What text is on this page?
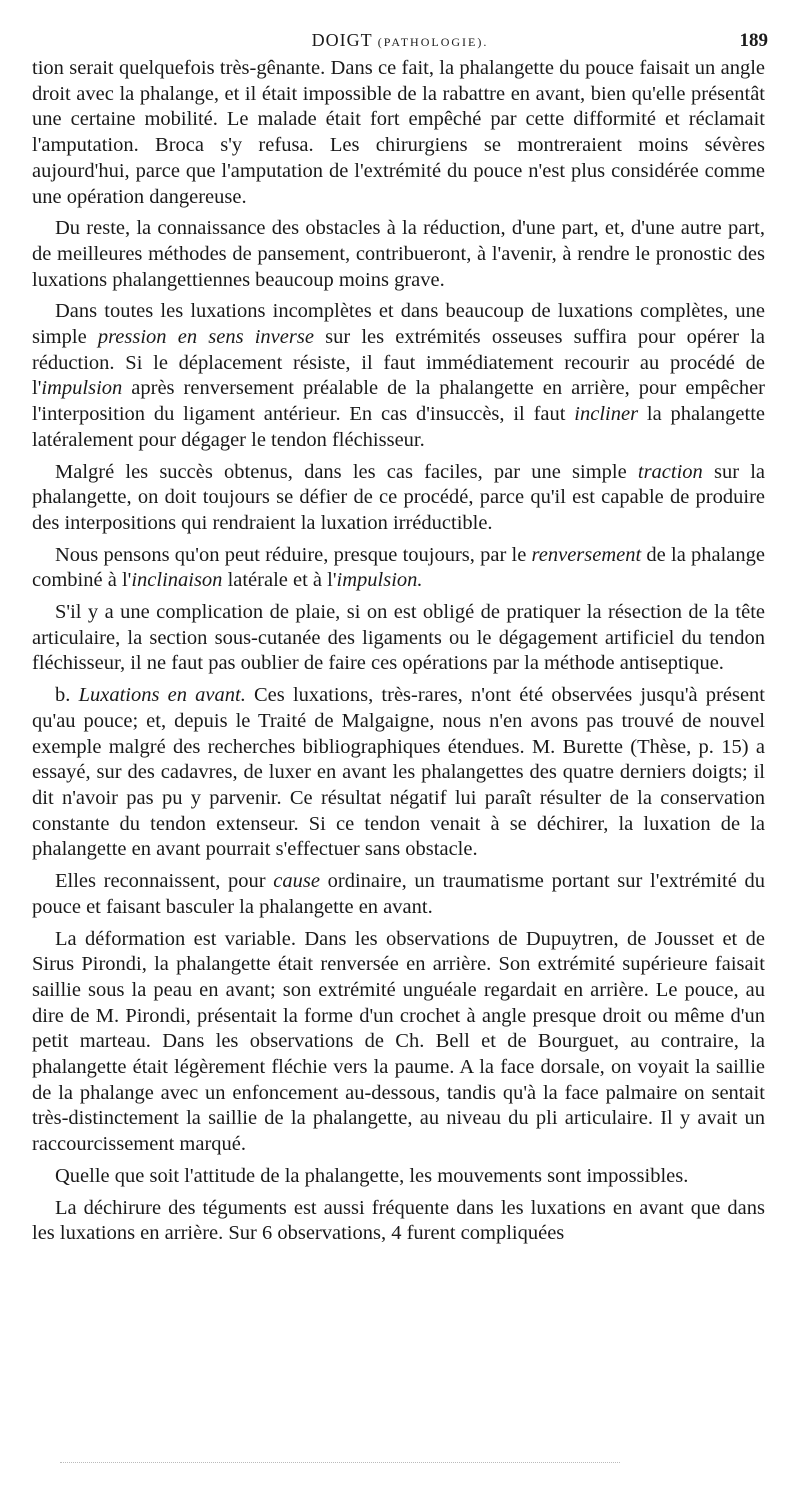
DOIGT (PATHOLOGIE).	189

tion serait quelquefois très-gênante. Dans ce fait, la phalangette du pouce faisait un angle droit avec la phalange, et il était impossible de la rabattre en avant, bien qu'elle présentât une certaine mobilité. Le malade était fort empêché par cette difformité et réclamait l'amputation. Broca s'y refusa. Les chirurgiens se montreraient moins sévères aujourd'hui, parce que l'amputation de l'extrémité du pouce n'est plus considérée comme une opération dangereuse.

Du reste, la connaissance des obstacles à la réduction, d'une part, et, d'une autre part, de meilleures méthodes de pansement, contribueront, à l'avenir, à rendre le pronostic des luxations phalangettiennes beaucoup moins grave.

Dans toutes les luxations incomplètes et dans beaucoup de luxations complètes, une simple pression en sens inverse sur les extrémités osseuses suffira pour opérer la réduction. Si le déplacement résiste, il faut immédiatement recourir au procédé de l'impulsion après renversement préalable de la phalangette en arrière, pour empêcher l'interposition du ligament antérieur. En cas d'insuccès, il faut incliner la phalangette latéralement pour dégager le tendon fléchisseur.

Malgré les succès obtenus, dans les cas faciles, par une simple traction sur la phalangette, on doit toujours se défier de ce procédé, parce qu'il est capable de produire des interpositions qui rendraient la luxation irréductible.

Nous pensons qu'on peut réduire, presque toujours, par le renversement de la phalange combiné à l'inclinaison latérale et à l'impulsion.

S'il y a une complication de plaie, si on est obligé de pratiquer la résection de la tête articulaire, la section sous-cutanée des ligaments ou le dégagement artificiel du tendon fléchisseur, il ne faut pas oublier de faire ces opérations par la méthode antiseptique.

b. Luxations en avant. Ces luxations, très-rares, n'ont été observées jusqu'à présent qu'au pouce; et, depuis le Traité de Malgaigne, nous n'en avons pas trouvé de nouvel exemple malgré des recherches bibliographiques étendues. M. Burette (Thèse, p. 15) a essayé, sur des cadavres, de luxer en avant les phalangettes des quatre derniers doigts; il dit n'avoir pas pu y parvenir. Ce résultat négatif lui paraît résulter de la conservation constante du tendon extenseur. Si ce tendon venait à se déchirer, la luxation de la phalangette en avant pourrait s'effectuer sans obstacle.

Elles reconnaissent, pour cause ordinaire, un traumatisme portant sur l'extrémité du pouce et faisant basculer la phalangette en avant.

La déformation est variable. Dans les observations de Dupuytren, de Jousset et de Sirus Pirondi, la phalangette était renversée en arrière. Son extrémité supérieure faisait saillie sous la peau en avant; son extrémité unguéale regardait en arrière. Le pouce, au dire de M. Pirondi, présentait la forme d'un crochet à angle presque droit ou même d'un petit marteau. Dans les observations de Ch. Bell et de Bourguet, au contraire, la phalangette était légèrement fléchie vers la paume. A la face dorsale, on voyait la saillie de la phalange avec un enfoncement au-dessous, tandis qu'à la face palmaire on sentait très-distinctement la saillie de la phalangette, au niveau du pli articulaire. Il y avait un raccourcissement marqué.

Quelle que soit l'attitude de la phalangette, les mouvements sont impossibles.

La déchirure des téguments est aussi fréquente dans les luxations en avant que dans les luxations en arrière. Sur 6 observations, 4 furent compliquées
